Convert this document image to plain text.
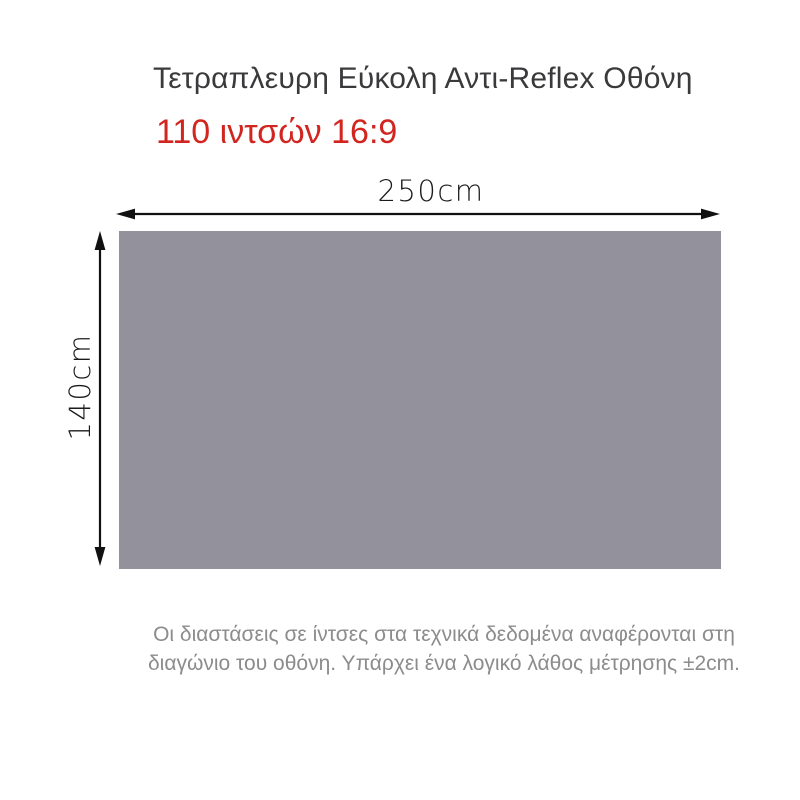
Τετραπλευρη Εύκολη Αντι-Reflex Οθόνη
110 ιντσών 16:9
250cm
140cm

Οι διαστάσεις σε ίντσες στα τεχνικά δεδομένα αναφέρονται στη
διαγώνιο του οθόνη. Υπάρχει ένα λογικό λάθος μέτρησης ±2cm.
